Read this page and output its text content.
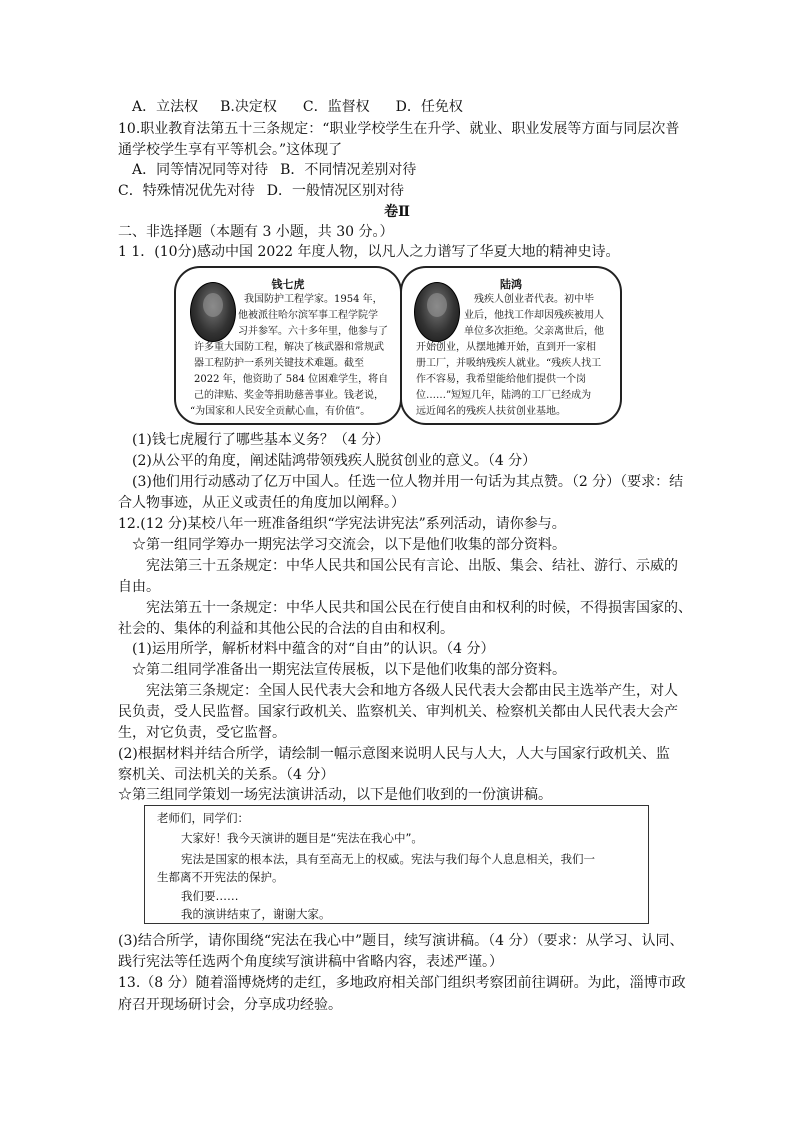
A．立法权 B.决定权 C．监督权 D．任免权
10.职业教育法第五十三条规定：“职业学校学生在升学、就业、职业发展等方面与同层次普
通学校学生享有平等机会。”这体现了
A．同等情况同等对待 B．不同情况差别对待
C．特殊情况优先对待 D．一般情况区别对待
卷Ⅱ
二、非选择题（本题有 3 小题，共 30 分。）
1 1．(10分)感动中国 2022 年度人物，以凡人之力谱写了华夏大地的精神史诗。
钱七虎
我国防护工程学家。1954 年，
他被派往哈尔滨军事工程学院学
习并参军。六十多年里，他参与了
许多重大国防工程，解决了核武器和常规武
器工程防护一系列关键技术难题。截至
2022 年，他资助了 584 位困难学生，将自
己的津贴、奖金等捐助慈善事业。钱老说，
“为国家和人民安全贡献心血，有价值”。
陆鸿
残疾人创业者代表。初中毕
业后，他找工作却因残疾被用人
单位多次拒绝。父亲离世后，他
开始创业，从摆地摊开始，直到开一家相
册工厂，并吸纳残疾人就业。“残疾人找工
作不容易，我希望能给他们提供一个岗
位……”短短几年，陆鸿的工厂已经成为
远近闻名的残疾人扶贫创业基地。
(1)钱七虎履行了哪些基本义务？（4 分）
(2)从公平的角度，阐述陆鸿带领残疾人脱贫创业的意义。（4 分）
(3)他们用行动感动了亿万中国人。任选一位人物并用一句话为其点赞。（2 分）（要求：结
合人物事迹，从正义或责任的角度加以阐释。）
12.(12 分)某校八年一班准备组织“学宪法讲宪法”系列活动，请你参与。
☆第一组同学筹办一期宪法学习交流会，以下是他们收集的部分资料。
宪法第三十五条规定：中华人民共和国公民有言论、出版、集会、结社、游行、示威的
自由。
宪法第五十一条规定：中华人民共和国公民在行使自由和权利的时候，不得损害国家的、
社会的、集体的利益和其他公民的合法的自由和权利。
(1)运用所学，解析材料中蕴含的对“自由”的认识。（4 分）
☆第二组同学准备出一期宪法宣传展板，以下是他们收集的部分资料。
宪法第三条规定：全国人民代表大会和地方各级人民代表大会都由民主选举产生，对人
民负责，受人民监督。国家行政机关、监察机关、审判机关、检察机关都由人民代表大会产
生，对它负责，受它监督。
(2)根据材料并结合所学，请绘制一幅示意图来说明人民与人大，人大与国家行政机关、监
察机关、司法机关的关系。（4 分）
☆第三组同学策划一场宪法演讲活动，以下是他们收到的一份演讲稿。
老师们，同学们：
大家好！我今天演讲的题目是“宪法在我心中”。
宪法是国家的根本法，具有至高无上的权威。宪法与我们每个人息息相关，我们一
生都离不开宪法的保护。
我们要……
我的演讲结束了，谢谢大家。
(3)结合所学，请你围绕“宪法在我心中”题目，续写演讲稿。（4 分）（要求：从学习、认同、
践行宪法等任选两个角度续写演讲稿中省略内容，表述严谨。）
13.（8 分）随着淄博烧烤的走红，多地政府相关部门组织考察团前往调研。为此，淄博市政
府召开现场研讨会，分享成功经验。
